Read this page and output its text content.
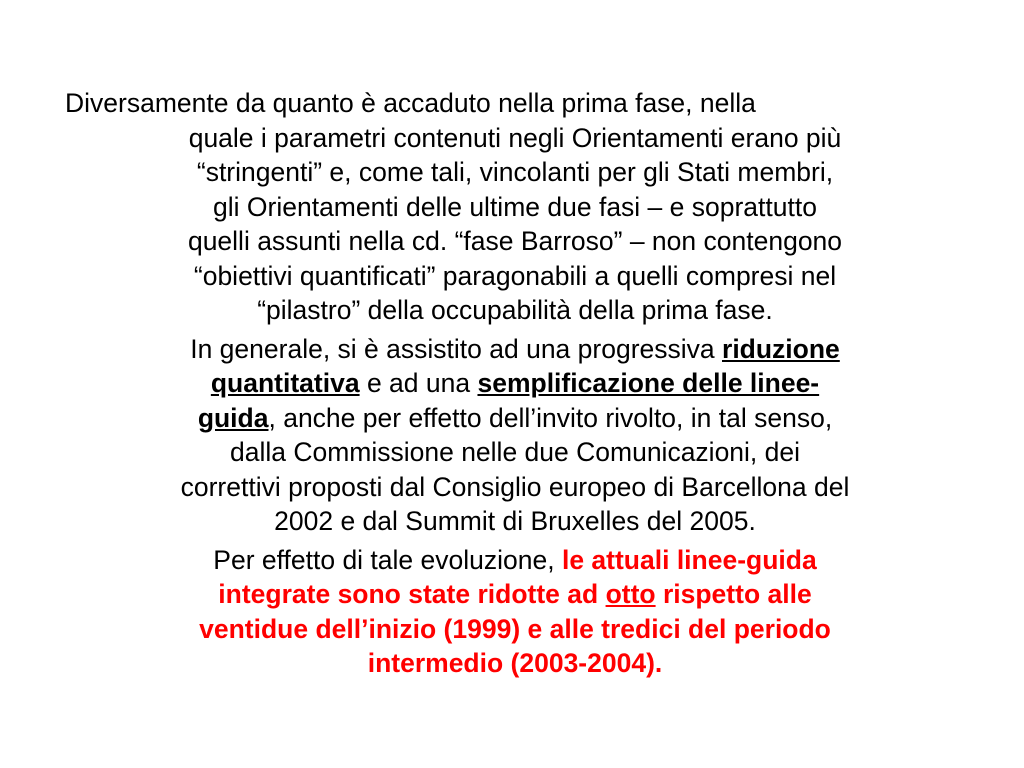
Diversamente da quanto è accaduto nella prima fase, nella
quale i parametri contenuti negli Orientamenti erano più
“stringenti” e, come tali, vincolanti per gli Stati membri,
gli Orientamenti delle ultime due fasi – e soprattutto
quelli assunti nella cd. “fase Barroso” – non contengono
“obiettivi quantificati” paragonabili a quelli compresi nel
“pilastro” della occupabilità della prima fase.
In generale, si è assistito ad una progressiva riduzione
quantitativa e ad una semplificazione delle linee-
guida, anche per effetto dell’invito rivolto, in tal senso,
dalla Commissione nelle due Comunicazioni, dei
correttivi proposti dal Consiglio europeo di Barcellona del
2002 e dal Summit di Bruxelles del 2005.
Per effetto di tale evoluzione, le attuali linee-guida
integrate sono state ridotte ad otto rispetto alle
ventidue dell’inizio (1999) e alle tredici del periodo
intermedio (2003-2004).
